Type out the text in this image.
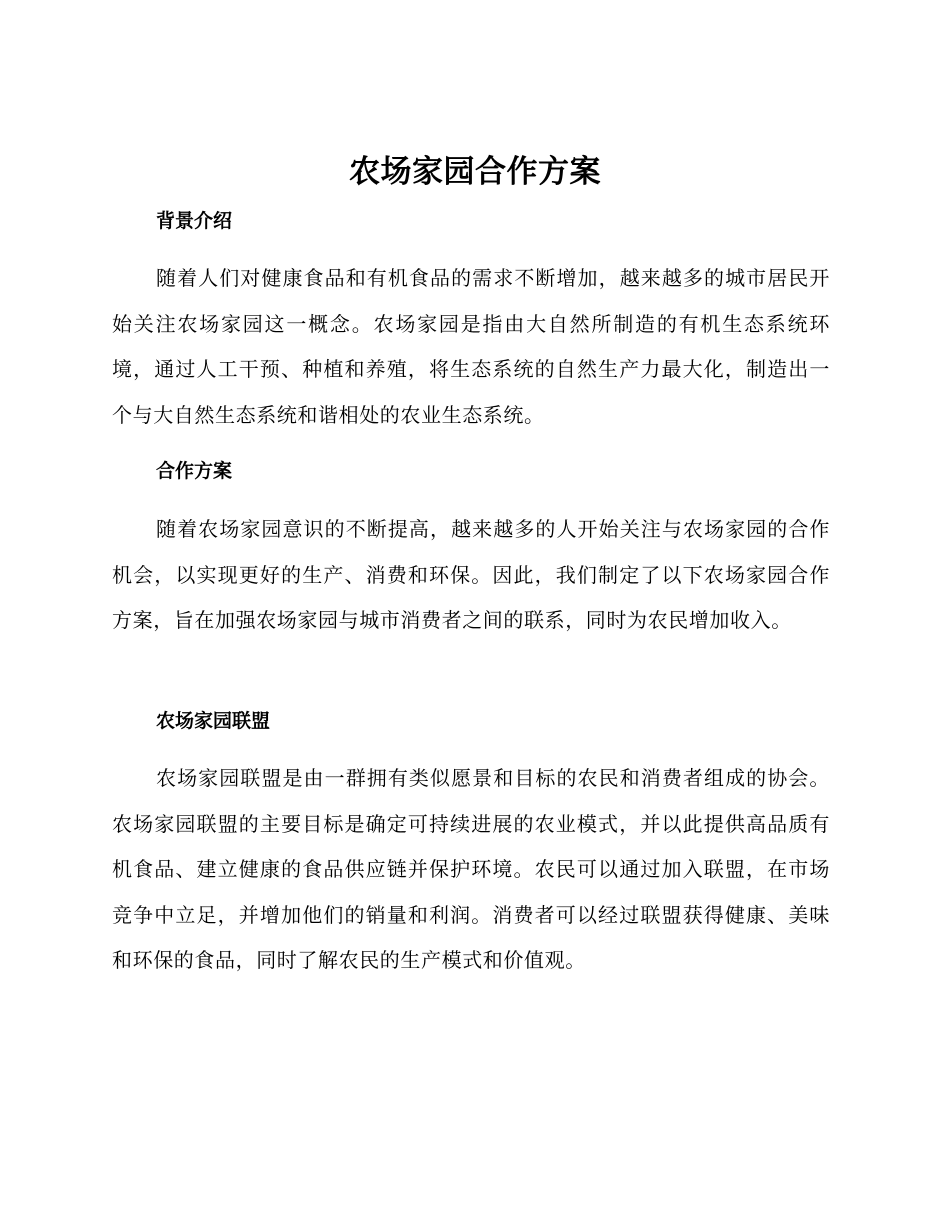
农场家园合作方案
背景介绍

随着人们对健康食品和有机食品的需求不断增加，越来越多的城市居民开始关注农场家园这一概念。农场家园是指由大自然所制造的有机生态系统环境，通过人工干预、种植和养殖，将生态系统的自然生产力最大化，制造出一个与大自然生态系统和谐相处的农业生态系统。

合作方案

随着农场家园意识的不断提高，越来越多的人开始关注与农场家园的合作机会，以实现更好的生产、消费和环保。因此，我们制定了以下农场家园合作方案，旨在加强农场家园与城市消费者之间的联系，同时为农民增加收入。

农场家园联盟

农场家园联盟是由一群拥有类似愿景和目标的农民和消费者组成的协会。农场家园联盟的主要目标是确定可持续进展的农业模式，并以此提供高品质有机食品、建立健康的食品供应链并保护环境。农民可以通过加入联盟，在市场竞争中立足，并增加他们的销量和利润。消费者可以经过联盟获得健康、美味和环保的食品，同时了解农民的生产模式和价值观。
